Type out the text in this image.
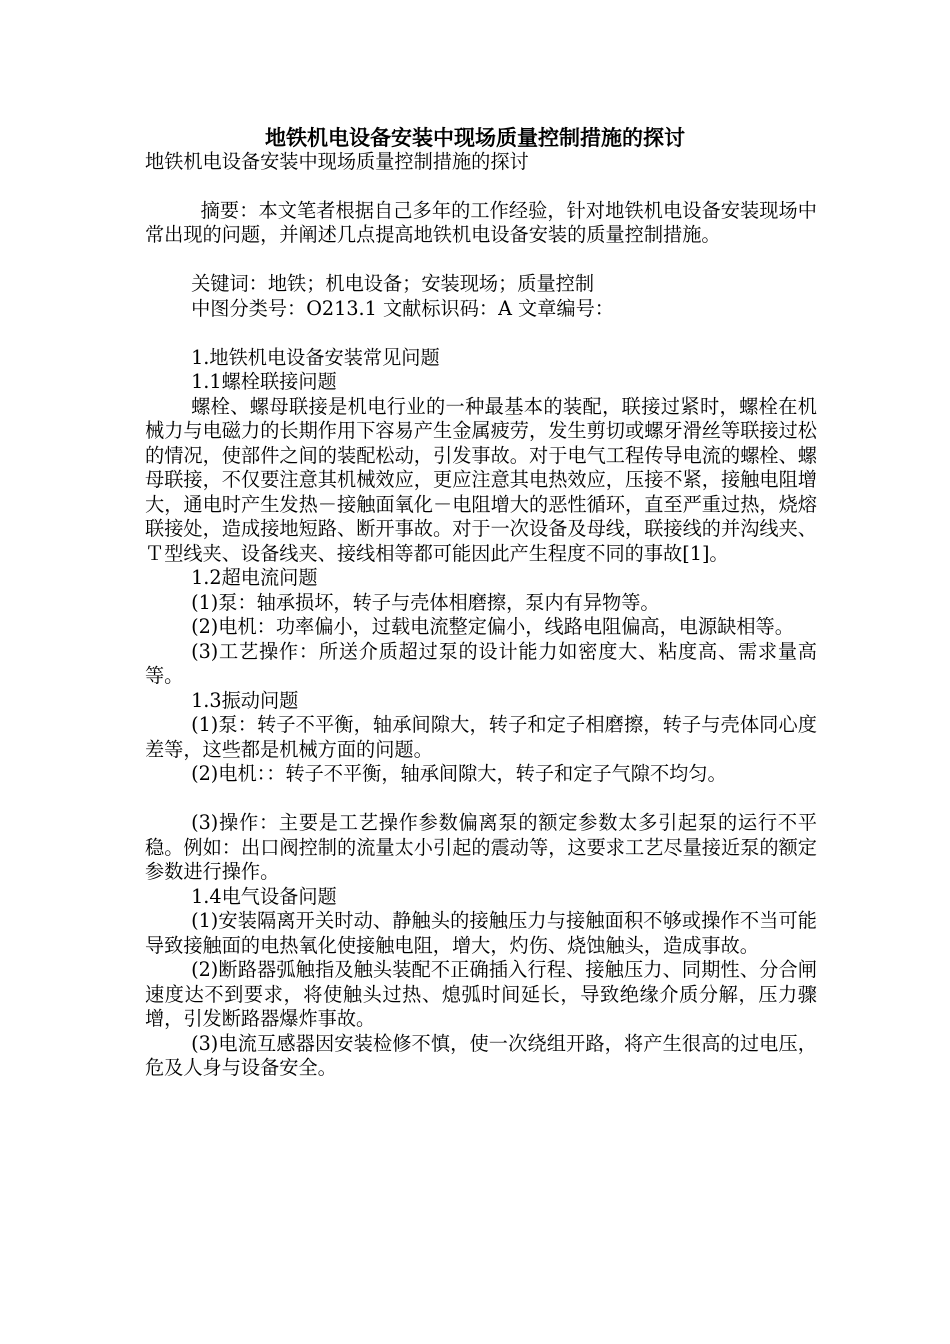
地铁机电设备安装中现场质量控制措施的探讨

地铁机电设备安装中现场质量控制措施的探讨

摘要：本文笔者根据自己多年的工作经验，针对地铁机电设备安装现场中常出现的问题，并阐述几点提高地铁机电设备安装的质量控制措施。

关键词：地铁；机电设备；安装现场；质量控制

中图分类号：O213.1 文献标识码：A 文章编号：

1.地铁机电设备安装常见问题

1.1螺栓联接问题

螺栓、螺母联接是机电行业的一种最基本的装配，联接过紧时，螺栓在机械力与电磁力的长期作用下容易产生金属疲劳，发生剪切或螺牙滑丝等联接过松的情况，使部件之间的装配松动，引发事故。对于电气工程传导电流的螺栓、螺母联接，不仅要注意其机械效应，更应注意其电热效应，压接不紧，接触电阻增大，通电时产生发热－接触面氧化－电阻增大的恶性循环，直至严重过热，烧熔联接处，造成接地短路、断开事故。对于一次设备及母线，联接线的并沟线夹、Ｔ型线夹、设备线夹、接线相等都可能因此产生程度不同的事故[1]。

1.2超电流问题

(1)泵：轴承损坏，转子与壳体相磨擦，泵内有异物等。

(2)电机：功率偏小，过载电流整定偏小，线路电阻偏高，电源缺相等。

(3)工艺操作：所送介质超过泵的设计能力如密度大、粘度高、需求量高等。

1.3振动问题

(1)泵：转子不平衡，轴承间隙大，转子和定子相磨擦，转子与壳体同心度差等，这些都是机械方面的问题。

(2)电机：：转子不平衡，轴承间隙大，转子和定子气隙不均匀。

(3)操作：主要是工艺操作参数偏离泵的额定参数太多引起泵的运行不平稳。例如：出口阀控制的流量太小引起的震动等，这要求工艺尽量接近泵的额定参数进行操作。

1.4电气设备问题

(1)安装隔离开关时动、静触头的接触压力与接触面积不够或操作不当可能导致接触面的电热氧化使接触电阻，增大，灼伤、烧蚀触头，造成事故。

(2)断路器弧触指及触头装配不正确插入行程、接触压力、同期性、分合闸速度达不到要求，将使触头过热、熄弧时间延长，导致绝缘介质分解，压力骤增，引发断路器爆炸事故。

(3)电流互感器因安装检修不慎，使一次绕组开路，将产生很高的过电压，危及人身与设备安全。
